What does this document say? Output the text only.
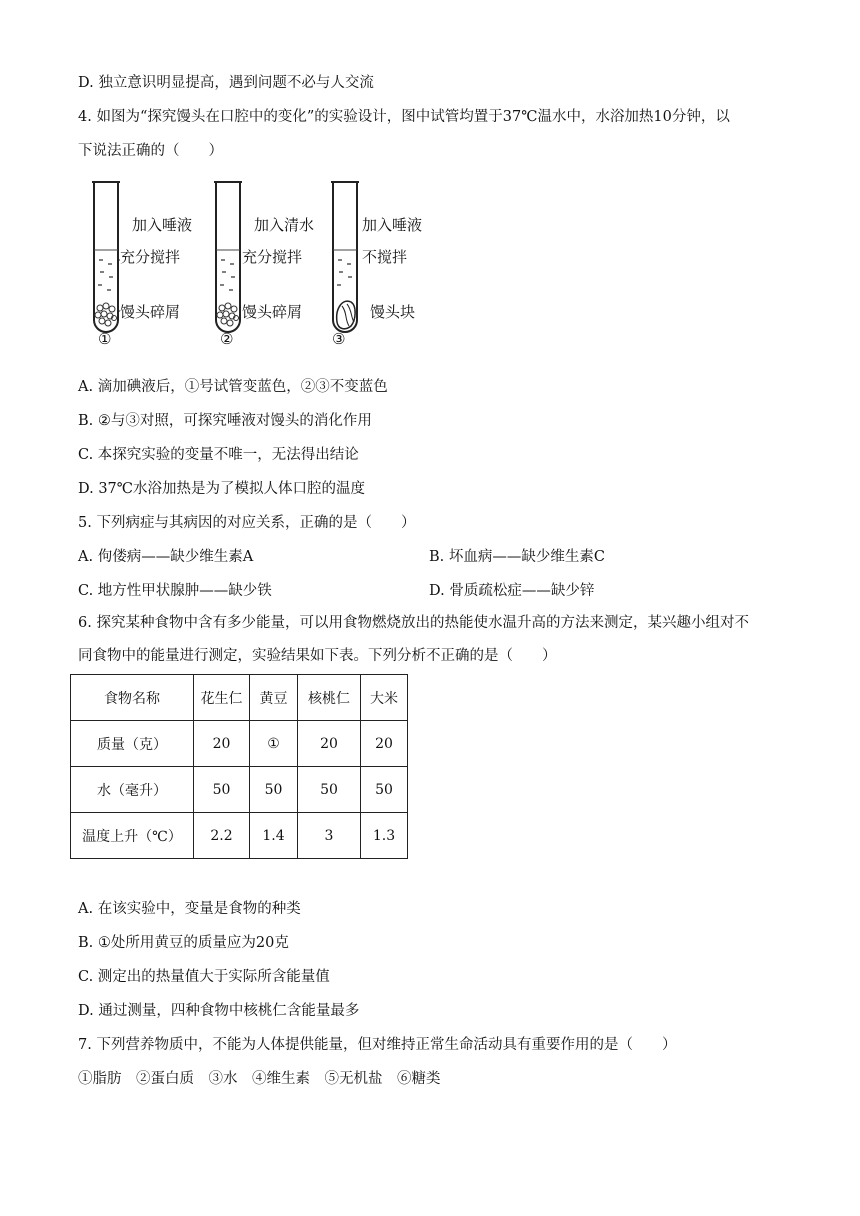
D. 独立意识明显提高，遇到问题不必与人交流
4. 如图为“探究馒头在口腔中的变化”的实验设计，图中试管均置于37℃温水中，水浴加热10分钟，以
下说法正确的（　　）
加入唾液
充分搅拌
馒头碎屑
①
加入清水
充分搅拌
馒头碎屑
②
加入唾液
不搅拌
馒头块
③
A. 滴加碘液后，①号试管变蓝色，②③不变蓝色
B. ②与③对照，可探究唾液对馒头的消化作用
C. 本探究实验的变量不唯一，无法得出结论
D. 37℃水浴加热是为了模拟人体口腔的温度
5. 下列病症与其病因的对应关系，正确的是（　　）
A. 佝偻病——缺少维生素A	B. 坏血病——缺少维生素C
C. 地方性甲状腺肿——缺少铁	D. 骨质疏松症——缺少锌
6. 探究某种食物中含有多少能量，可以用食物燃烧放出的热能使水温升高的方法来测定，某兴趣小组对不
同食物中的能量进行测定，实验结果如下表。下列分析不正确的是（　　）
食物名称	花生仁	黄豆	核桃仁	大米
质量（克）	20	①	20	20
水（毫升）	50	50	50	50
温度上升（℃）	2.2	1.4	3	1.3
A. 在该实验中，变量是食物的种类
B. ①处所用黄豆的质量应为20克
C. 测定出的热量值大于实际所含能量值
D. 通过测量，四种食物中核桃仁含能量最多
7. 下列营养物质中，不能为人体提供能量，但对维持正常生命活动具有重要作用的是（　　）
①脂肪　②蛋白质　③水　④维生素　⑤无机盐　⑥糖类
